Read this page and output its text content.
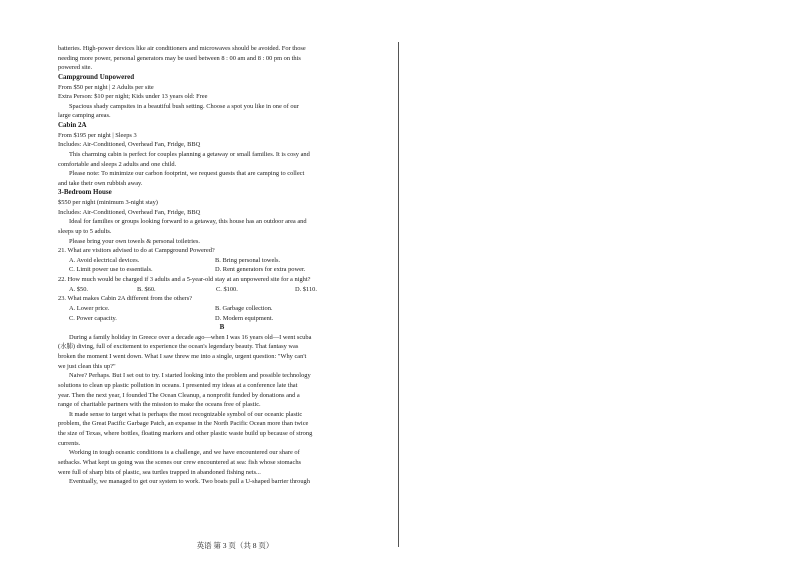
batteries. High-power devices like air conditioners and microwaves should be avoided. For those

needing more power, personal generators may be used between 8 : 00 am and 8 : 00 pm on this

powered site.

Campground Unpowered

From $50 per night | 2 Adults per site

Extra Person: $10 per night; Kids under 13 years old: Free

Spacious shady campsites in a beautiful bush setting. Choose a spot you like in one of our

large camping areas.

Cabin 2A

From $195 per night | Sleeps 3

Includes: Air-Conditioned, Overhead Fan, Fridge, BBQ

This charming cabin is perfect for couples planning a getaway or small families. It is cosy and

comfortable and sleeps 2 adults and one child.

Please note: To minimize our carbon footprint, we request guests that are camping to collect

and take their own rubbish away.

3-Bedroom House

$550 per night (minimum 3-night stay)

Includes: Air-Conditioned, Overhead Fan, Fridge, BBQ

Ideal for families or groups looking forward to a getaway, this house has an outdoor area and

sleeps up to 5 adults.

Please bring your own towels & personal toiletries.

21. What are visitors advised to do at Campground Powered?

A. Avoid electrical devices.	B. Bring personal towels.
C. Limit power use to essentials.	D. Rent generators for extra power.

22. How much would be charged if 3 adults and a 5-year-old stay at an unpowered site for a night?

A. $50.	B. $60.	C. $100.	D. $110.

23. What makes Cabin 2A different from the others?

A. Lower price.	B. Garbage collection.
C. Power capacity.	D. Modern equipment.

B

During a family holiday in Greece over a decade ago—when I was 16 years old—I went scuba

(水肺) diving, full of excitement to experience the ocean's legendary beauty. That fantasy was

broken the moment I went down. What I saw threw me into a single, urgent question: "Why can't

we just clean this up?"

Naive? Perhaps. But I set out to try. I started looking into the problem and possible technology

solutions to clean up plastic pollution in oceans. I presented my ideas at a conference late that

year. Then the next year, I founded The Ocean Cleanup, a nonprofit funded by donations and a

range of charitable partners with the mission to make the oceans free of plastic.

It made sense to target what is perhaps the most recognizable symbol of our oceanic plastic

problem, the Great Pacific Garbage Patch, an expanse in the North Pacific Ocean more than twice

the size of Texas, where bottles, floating markers and other plastic waste build up because of strong

currents.

Working in tough oceanic conditions is a challenge, and we have encountered our share of

setbacks. What kept us going was the scenes our crew encountered at sea: fish whose stomachs

were full of sharp bits of plastic, sea turtles trapped in abandoned fishing nets...

Eventually, we managed to get our system to work. Two boats pull a U-shaped barrier through

英语 第 3 页（共 8 页）
